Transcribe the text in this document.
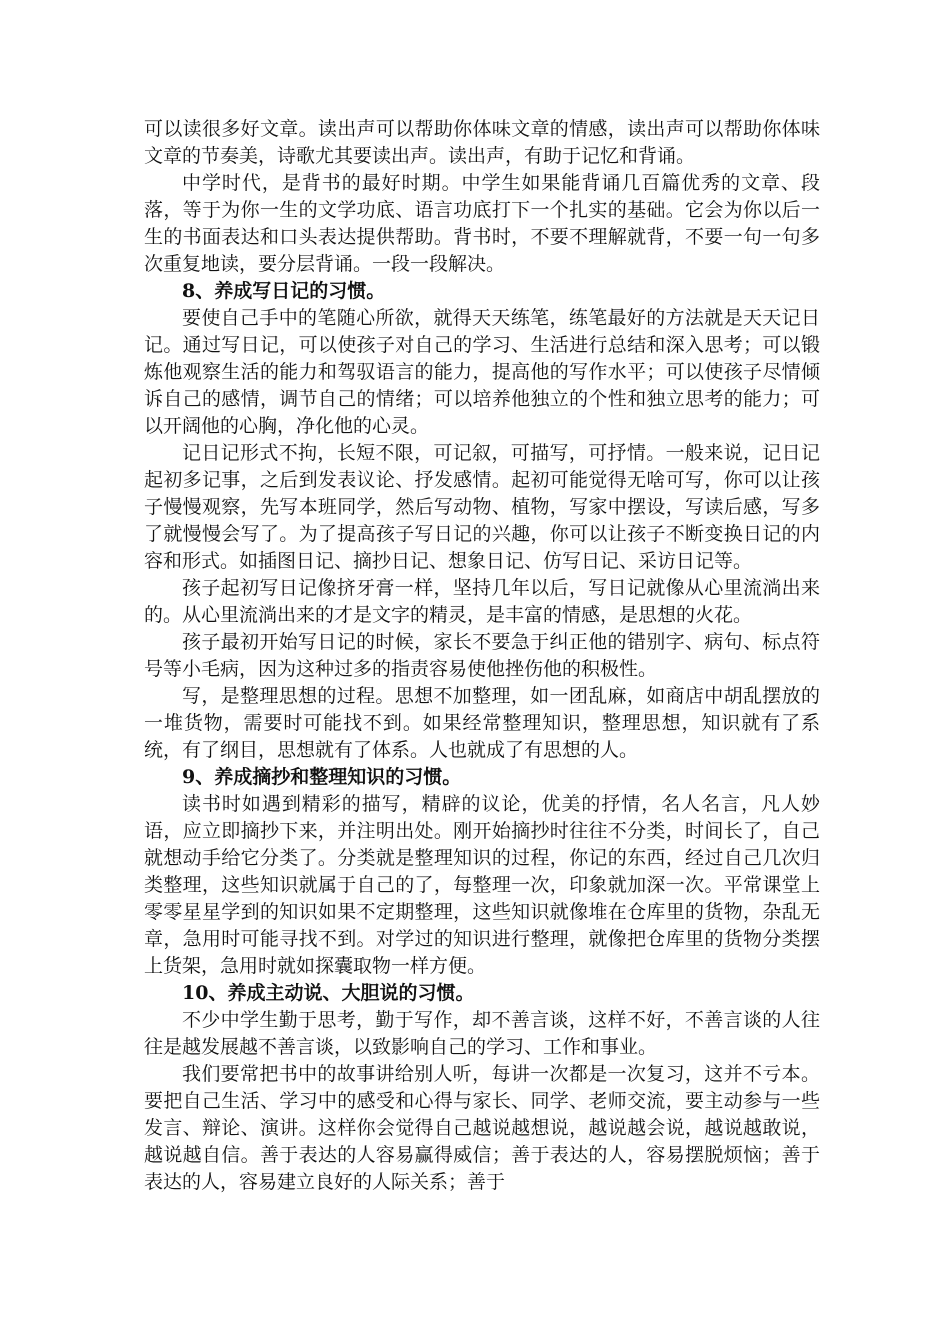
可以读很多好文章。读出声可以帮助你体味文章的情感，读出声可以帮助你体味文章的节奏美，诗歌尤其要读出声。读出声，有助于记忆和背诵。

中学时代，是背书的最好时期。中学生如果能背诵几百篇优秀的文章、段落，等于为你一生的文学功底、语言功底打下一个扎实的基础。它会为你以后一生的书面表达和口头表达提供帮助。背书时，不要不理解就背，不要一句一句多次重复地读，要分层背诵。一段一段解决。

8、养成写日记的习惯。

要使自己手中的笔随心所欲，就得天天练笔，练笔最好的方法就是天天记日记。通过写日记，可以使孩子对自己的学习、生活进行总结和深入思考；可以锻炼他观察生活的能力和驾驭语言的能力，提高他的写作水平；可以使孩子尽情倾诉自己的感情，调节自己的情绪；可以培养他独立的个性和独立思考的能力；可以开阔他的心胸，净化他的心灵。

记日记形式不拘，长短不限，可记叙，可描写，可抒情。一般来说，记日记起初多记事，之后到发表议论、抒发感情。起初可能觉得无啥可写，你可以让孩子慢慢观察，先写本班同学，然后写动物、植物，写家中摆设，写读后感，写多了就慢慢会写了。为了提高孩子写日记的兴趣，你可以让孩子不断变换日记的内容和形式。如插图日记、摘抄日记、想象日记、仿写日记、采访日记等。

孩子起初写日记像挤牙膏一样，坚持几年以后，写日记就像从心里流淌出来的。从心里流淌出来的才是文字的精灵，是丰富的情感，是思想的火花。

孩子最初开始写日记的时候，家长不要急于纠正他的错别字、病句、标点符号等小毛病，因为这种过多的指责容易使他挫伤他的积极性。

写，是整理思想的过程。思想不加整理，如一团乱麻，如商店中胡乱摆放的一堆货物，需要时可能找不到。如果经常整理知识，整理思想，知识就有了系统，有了纲目，思想就有了体系。人也就成了有思想的人。

9、养成摘抄和整理知识的习惯。

读书时如遇到精彩的描写，精辟的议论，优美的抒情，名人名言，凡人妙语，应立即摘抄下来，并注明出处。刚开始摘抄时往往不分类，时间长了，自己就想动手给它分类了。分类就是整理知识的过程，你记的东西，经过自己几次归类整理，这些知识就属于自己的了，每整理一次，印象就加深一次。平常课堂上零零星星学到的知识如果不定期整理，这些知识就像堆在仓库里的货物，杂乱无章，急用时可能寻找不到。对学过的知识进行整理，就像把仓库里的货物分类摆上货架，急用时就如探囊取物一样方便。

10、养成主动说、大胆说的习惯。

不少中学生勤于思考，勤于写作，却不善言谈，这样不好，不善言谈的人往往是越发展越不善言谈，以致影响自己的学习、工作和事业。

我们要常把书中的故事讲给别人听，每讲一次都是一次复习，这并不亏本。要把自己生活、学习中的感受和心得与家长、同学、老师交流，要主动参与一些发言、辩论、演讲。这样你会觉得自己越说越想说，越说越会说，越说越敢说，越说越自信。善于表达的人容易赢得威信；善于表达的人，容易摆脱烦恼；善于表达的人，容易建立良好的人际关系；善于
